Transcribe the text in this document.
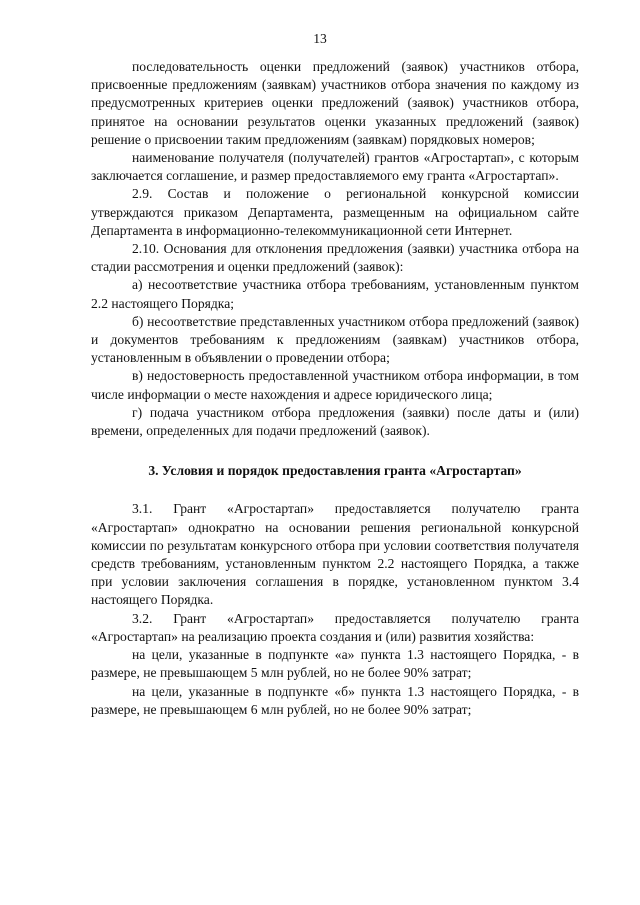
13

последовательность оценки предложений (заявок) участников отбора, присвоенные предложениям (заявкам) участников отбора значения по каждому из предусмотренных критериев оценки предложений (заявок) участников отбора, принятое на основании результатов оценки указанных предложений (заявок) решение о присвоении таким предложениям (заявкам) порядковых номеров;

наименование получателя (получателей) грантов «Агростартап», с которым заключается соглашение, и размер предоставляемого ему гранта «Агростартап».

2.9. Состав и положение о региональной конкурсной комиссии утверждаются приказом Департамента, размещенным на официальном сайте Департамента в информационно-телекоммуникационной сети Интернет.

2.10. Основания для отклонения предложения (заявки) участника отбора на стадии рассмотрения и оценки предложений (заявок):

а) несоответствие участника отбора требованиям, установленным пунктом 2.2 настоящего Порядка;

б) несоответствие представленных участником отбора предложений (заявок) и документов требованиям к предложениям (заявкам) участников отбора, установленным в объявлении о проведении отбора;

в) недостоверность предоставленной участником отбора информации, в том числе информации о месте нахождения и адресе юридического лица;

г) подача участником отбора предложения (заявки) после даты и (или) времени, определенных для подачи предложений (заявок).

3. Условия и порядок предоставления гранта «Агростартап»

3.1. Грант «Агростартап» предоставляется получателю гранта «Агростартап» однократно на основании решения региональной конкурсной комиссии по результатам конкурсного отбора при условии соответствия получателя средств требованиям, установленным пунктом 2.2 настоящего Порядка, а также при условии заключения соглашения в порядке, установленном пунктом 3.4 настоящего Порядка.

3.2. Грант «Агростартап» предоставляется получателю гранта «Агростартап» на реализацию проекта создания и (или) развития хозяйства:

на цели, указанные в подпункте «а» пункта 1.3 настоящего Порядка, - в размере, не превышающем 5 млн рублей, но не более 90% затрат;

на цели, указанные в подпункте «б» пункта 1.3 настоящего Порядка, - в размере, не превышающем 6 млн рублей, но не более 90% затрат;
